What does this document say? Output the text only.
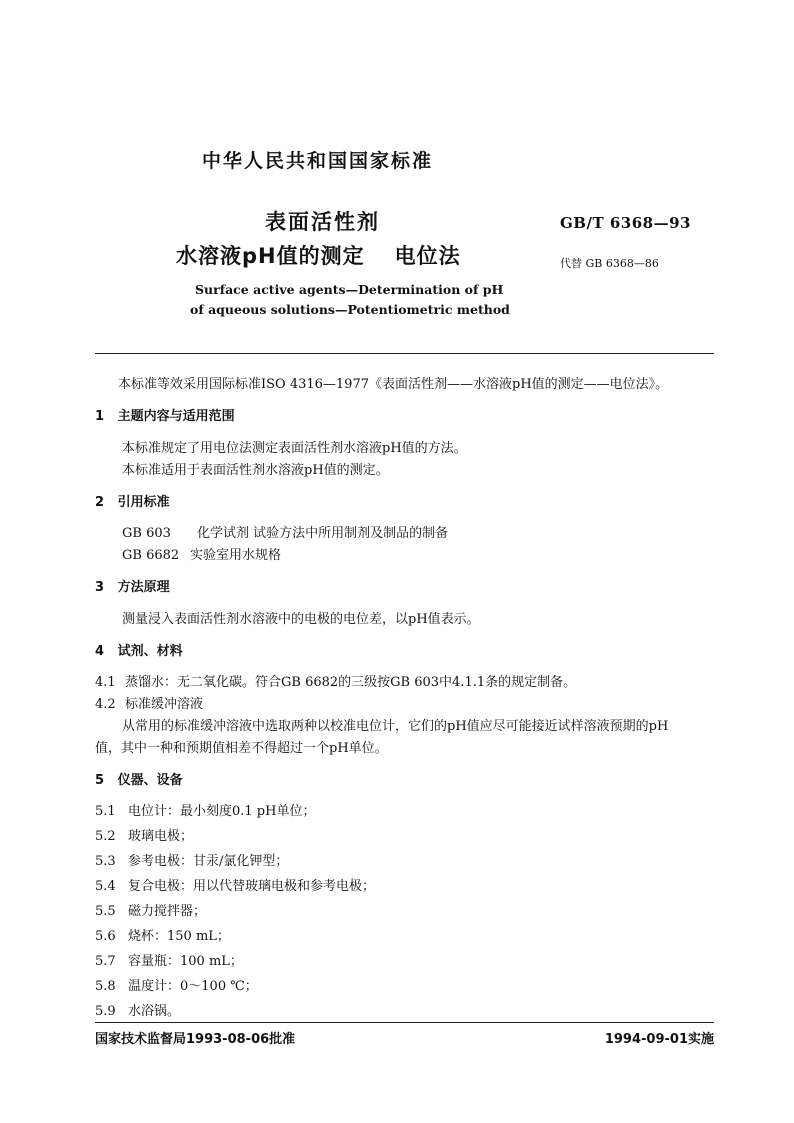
中华人民共和国国家标准
表面活性剂
水溶液pH值的测定 电位法
GB/T 6368—93
代替 GB 6368—86
Surface active agents—Determination of pH
of aqueous solutions—Potentiometric method
本标准等效采用国际标准ISO 4316—1977《表面活性剂——水溶液pH值的测定——电位法》。
1 主题内容与适用范围
本标准规定了用电位法测定表面活性剂水溶液pH值的方法。
本标准适用于表面活性剂水溶液pH值的测定。
2 引用标准
GB 603 化学试剂 试验方法中所用制剂及制品的制备
GB 6682 实验室用水规格
3 方法原理
测量浸入表面活性剂水溶液中的电极的电位差，以pH值表示。
4 试剂、材料
4.1 蒸馏水：无二氧化碳。符合GB 6682的三级按GB 603中4.1.1条的规定制备。
4.2 标准缓冲溶液
从常用的标准缓冲溶液中选取两种以校准电位计，它们的pH值应尽可能接近试样溶液预期的pH
值，其中一种和预期值相差不得超过一个pH单位。
5 仪器、设备
5.1 电位计：最小刻度0.1 pH单位；
5.2 玻璃电极；
5.3 参考电极：甘汞/氯化钾型；
5.4 复合电极：用以代替玻璃电极和参考电极；
5.5 磁力搅拌器；
5.6 烧杯：150 mL；
5.7 容量瓶：100 mL；
5.8 温度计：0～100 ℃；
5.9 水浴锅。
国家技术监督局1993-08-06批准	1994-09-01实施
